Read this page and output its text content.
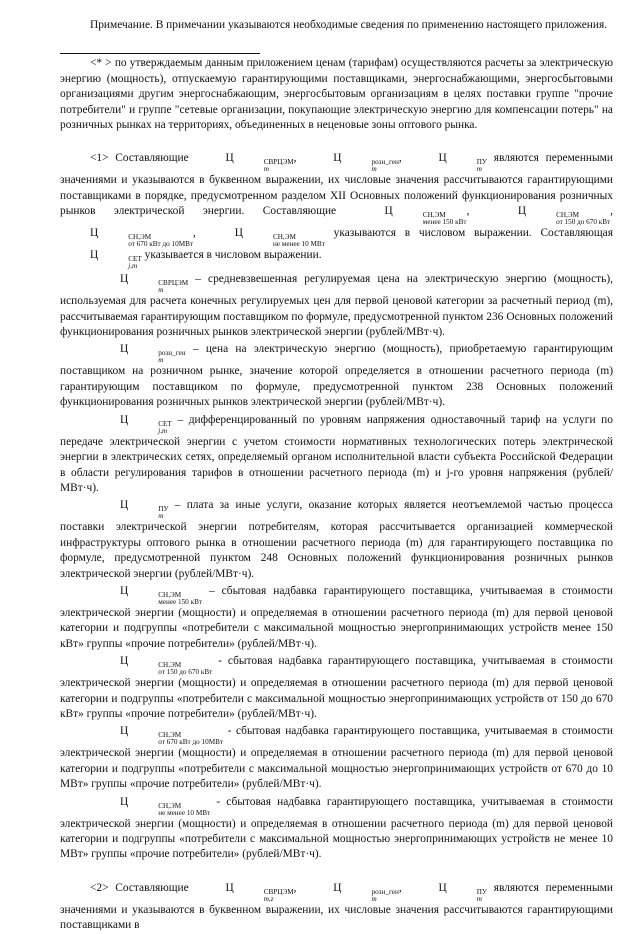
Примечание. В примечании указываются необходимые сведения по применению настоящего приложения.

<* > по утверждаемым данным приложением ценам (тарифам) осуществляются расчеты за электрическую энергию (мощность), отпускаемую гарантирующими поставщиками, энергоснабжающими, энергосбытовыми организациями другим энергоснабжающим, энергосбытовым организациям в целях поставки группе "прочие потребители" и группе "сетевые организации, покупающие электрическую энергию для компенсации потерь" на розничных рынках на территориях, объединенных в неценовые зоны оптового рынка.

<1> Составляющие	Ц	СВРЦЭМ
m
,	Ц	розн_ген
m
,	Ц	ПУ
m
являются переменными значениями и указываются в буквенном выражении, их числовые значения рассчитываются гарантирующими поставщиками в порядке, предусмотренном разделом XII Основных положений функционирования розничных рынков электрической энергии. Составляющие	Ц	СН,ЭМ
менее 150 кВт
,	Ц	СН,ЭМ
от 150 до 670 кВт
, Ц	СН,ЭМ
от 670 кВт до 10МВт
,	Ц	СН,ЭМ
не менее 10 МВт
указываются в числовом выражении. Составляющая Ц	СЕТ
j,m
указывается в числовом выражении.

Ц	СВРЦЭМ
m
– средневзвешенная регулируемая цена на электрическую энергию (мощность), используемая для расчета конечных регулируемых цен для первой ценовой категории за расчетный период (m), рассчитываемая гарантирующим поставщиком по формуле, предусмотренной пунктом 236 Основных положений функционирования розничных рынков электрической энергии (рублей/МВт·ч).

Ц	розн_ген
m
– цена на электрическую энергию (мощность), приобретаемую гарантирующим поставщиком на розничном рынке, значение которой определяется в отношении расчетного периода (m) гарантирующим поставщиком по формуле, предусмотренной пунктом 238 Основных положений функционирования розничных рынков электрической энергии (рублей/МВт·ч).

Ц	СЕТ
j,m
– дифференцированный по уровням напряжения одноставочный тариф на услуги по передаче электрической энергии с учетом стоимости нормативных технологических потерь электрической энергии в электрических сетях, определяемый органом исполнительной власти субъекта Российской Федерации в области регулирования тарифов в отношении расчетного периода (m) и j-го уровня напряжения (рублей/МВт·ч).

Ц	ПУ
m
– плата за иные услуги, оказание которых является неотъемлемой частью процесса поставки электрической энергии потребителям, которая рассчитывается организацией коммерческой инфраструктуры оптового рынка в отношении расчетного периода (m) для гарантирующего поставщика по формуле, предусмотренной пунктом 248 Основных положений функционирования розничных рынков электрической энергии (рублей/МВт·ч).

Ц	СН,ЭМ
менее 150 кВт
– сбытовая надбавка гарантирующего поставщика, учитываемая в стоимости электрической энергии (мощности) и определяемая в отношении расчетного периода (m) для первой ценовой категории и подгруппы «потребители с максимальной мощностью энергопринимающих устройств менее 150 кВт» группы «прочие потребители» (рублей/МВт·ч).

Ц	СН,ЭМ
от 150 до 670 кВт
- сбытовая надбавка гарантирующего поставщика, учитываемая в стоимости электрической энергии (мощности) и определяемая в отношении расчетного периода (m) для первой ценовой категории и подгруппы «потребители с максимальной мощностью энергопринимающих устройств от 150 до 670 кВт» группы «прочие потребители» (рублей/МВт·ч).

Ц	СН,ЭМ
от 670 кВт до 10МВт
- сбытовая надбавка гарантирующего поставщика, учитываемая в стоимости электрической энергии (мощности) и определяемая в отношении расчетного периода (m) для первой ценовой категории и подгруппы «потребители с максимальной мощностью энергопринимающих устройств от 670 до 10 МВт» группы «прочие потребители» (рублей/МВт·ч).

Ц	СН,ЭМ
не менее 10 МВт
- сбытовая надбавка гарантирующего поставщика, учитываемая в стоимости электрической энергии (мощности) и определяемая в отношении расчетного периода (m) для первой ценовой категории и подгруппы «потребители с максимальной мощностью энергопринимающих устройств не менее 10 МВт» группы «прочие потребители» (рублей/МВт·ч).

<2> Составляющие	Ц	СВРЦЭМ
m,z
,	Ц	розн_ген
m
,	Ц	ПУ
m
являются переменными значениями и указываются в буквенном выражении, их числовые значения рассчитываются гарантирующими поставщиками в
